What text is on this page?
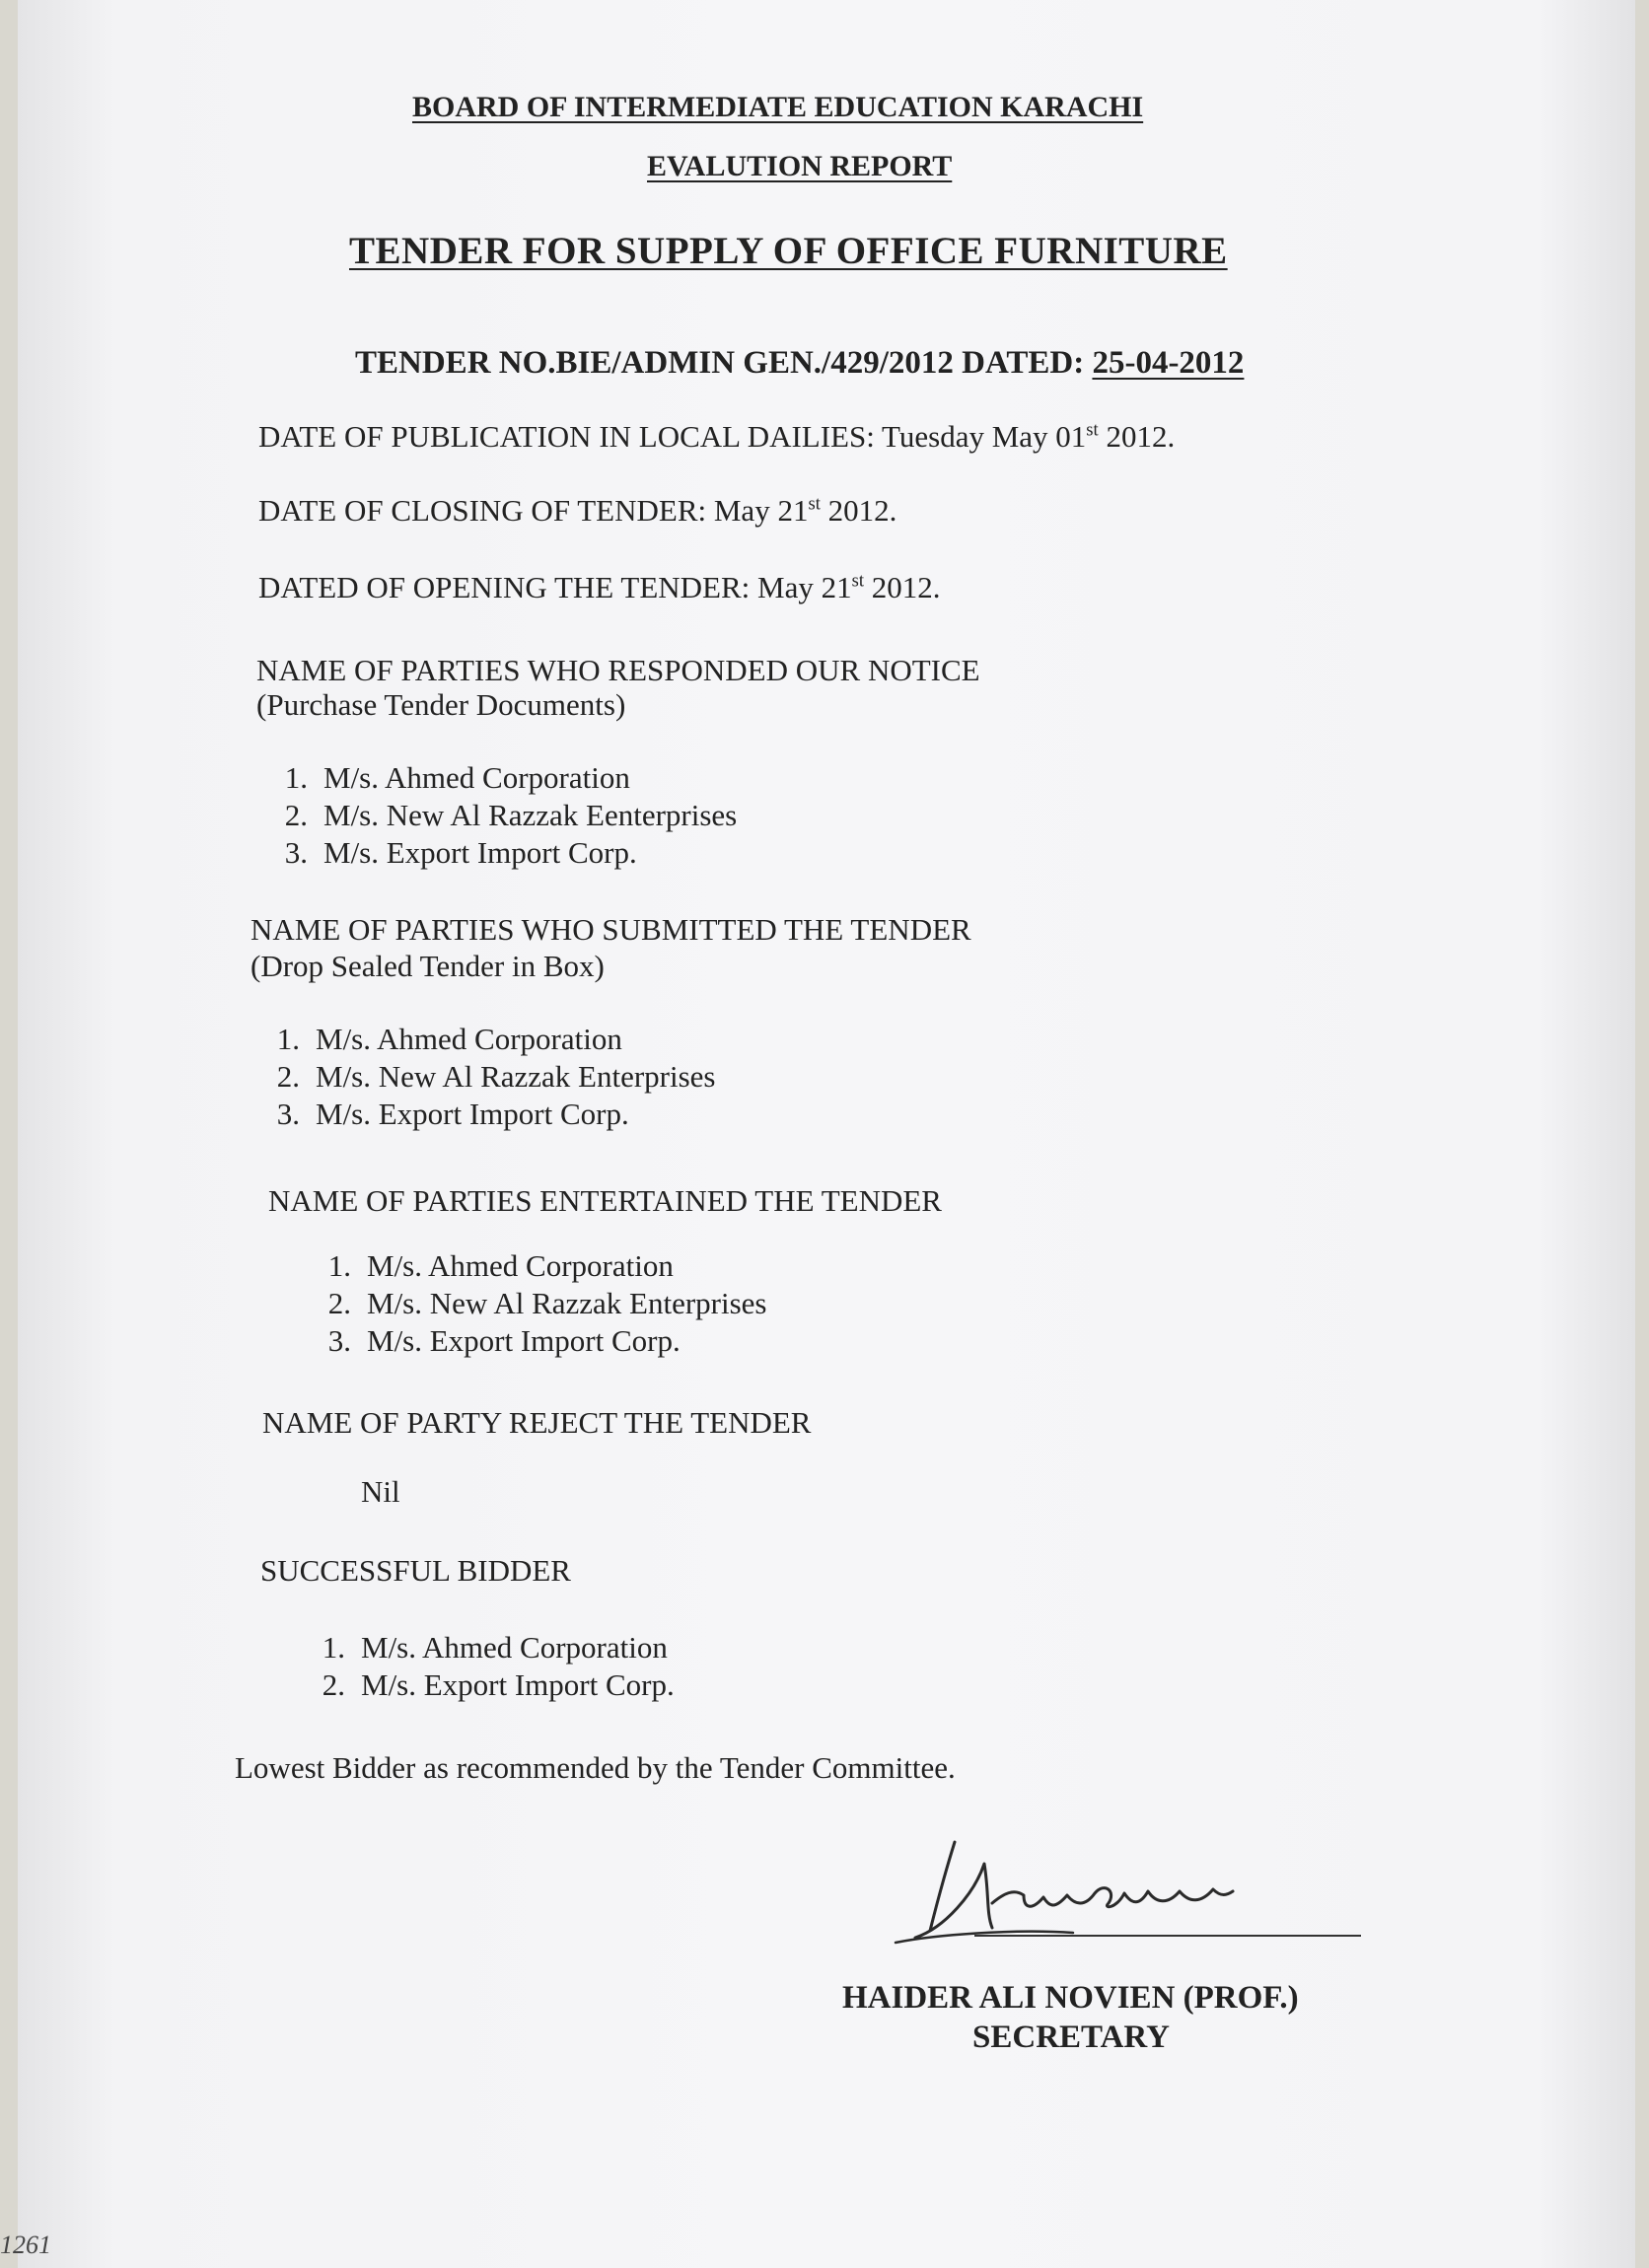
BOARD OF INTERMEDIATE EDUCATION KARACHI
EVALUTION REPORT
TENDER FOR SUPPLY OF OFFICE FURNITURE
TENDER NO.BIE/ADMIN GEN./429/2012 DATED: 25-04-2012
DATE OF PUBLICATION IN LOCAL DAILIES: Tuesday May 01st 2012.
DATE OF CLOSING OF TENDER: May 21st 2012.
DATED OF OPENING THE TENDER: May 21st 2012.
NAME OF PARTIES WHO RESPONDED OUR NOTICE
(Purchase Tender Documents)
1. M/s. Ahmed Corporation
2. M/s. New Al Razzak Eenterprises
3. M/s. Export Import Corp.
NAME OF PARTIES WHO SUBMITTED THE TENDER
(Drop Sealed Tender in Box)
1. M/s. Ahmed Corporation
2. M/s. New Al Razzak Enterprises
3. M/s. Export Import Corp.
NAME OF PARTIES ENTERTAINED THE TENDER
1. M/s. Ahmed Corporation
2. M/s. New Al Razzak Enterprises
3. M/s. Export Import Corp.
NAME OF PARTY REJECT THE TENDER
Nil
SUCCESSFUL BIDDER
1. M/s. Ahmed Corporation
2. M/s. Export Import Corp.
Lowest Bidder as recommended by the Tender Committee.
HAIDER ALI NOVIEN (PROF.)
SECRETARY
1261
